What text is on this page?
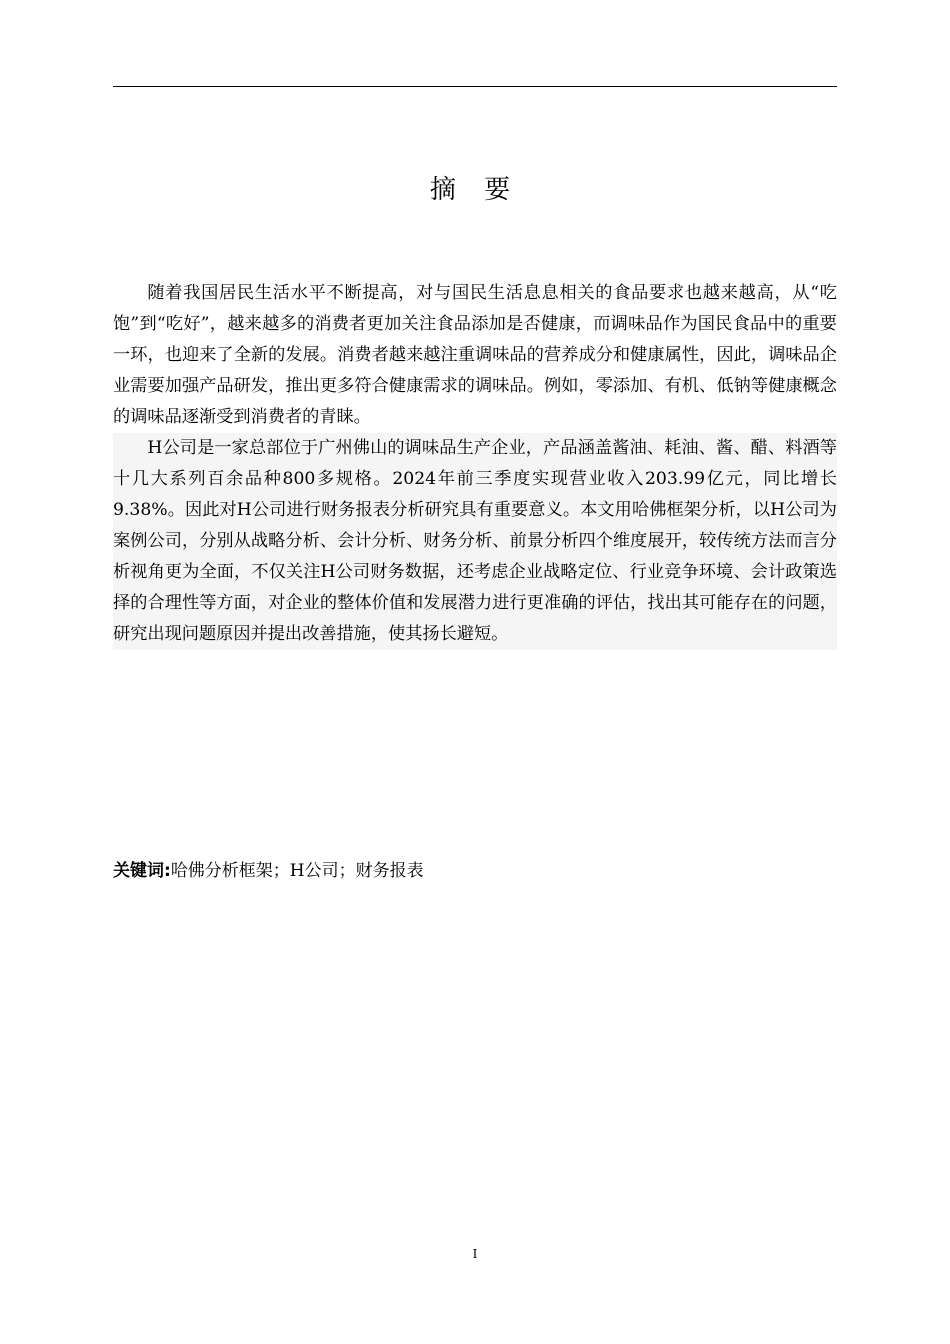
摘 要

随着我国居民生活水平不断提高，对与国民生活息息相关的食品要求也越来越高，从“吃饱”到“吃好”，越来越多的消费者更加关注食品添加是否健康，而调味品作为国民食品中的重要一环，也迎来了全新的发展。消费者越来越注重调味品的营养成分和健康属性，因此，调味品企业需要加强产品研发，推出更多符合健康需求的调味品。例如，零添加、有机、低钠等健康概念的调味品逐渐受到消费者的青睐。

H公司是一家总部位于广州佛山的调味品生产企业，产品涵盖酱油、耗油、酱、醋、料酒等十几大系列百余品种800多规格。2024年前三季度实现营业收入203.99亿元，同比增长9.38%。因此对H公司进行财务报表分析研究具有重要意义。本文用哈佛框架分析，以H公司为案例公司，分别从战略分析、会计分析、财务分析、前景分析四个维度展开，较传统方法而言分析视角更为全面，不仅关注H公司财务数据，还考虑企业战略定位、行业竞争环境、会计政策选择的合理性等方面，对企业的整体价值和发展潜力进行更准确的评估，找出其可能存在的问题，研究出现问题原因并提出改善措施，使其扬长避短。

关键词:哈佛分析框架；H公司；财务报表
I
